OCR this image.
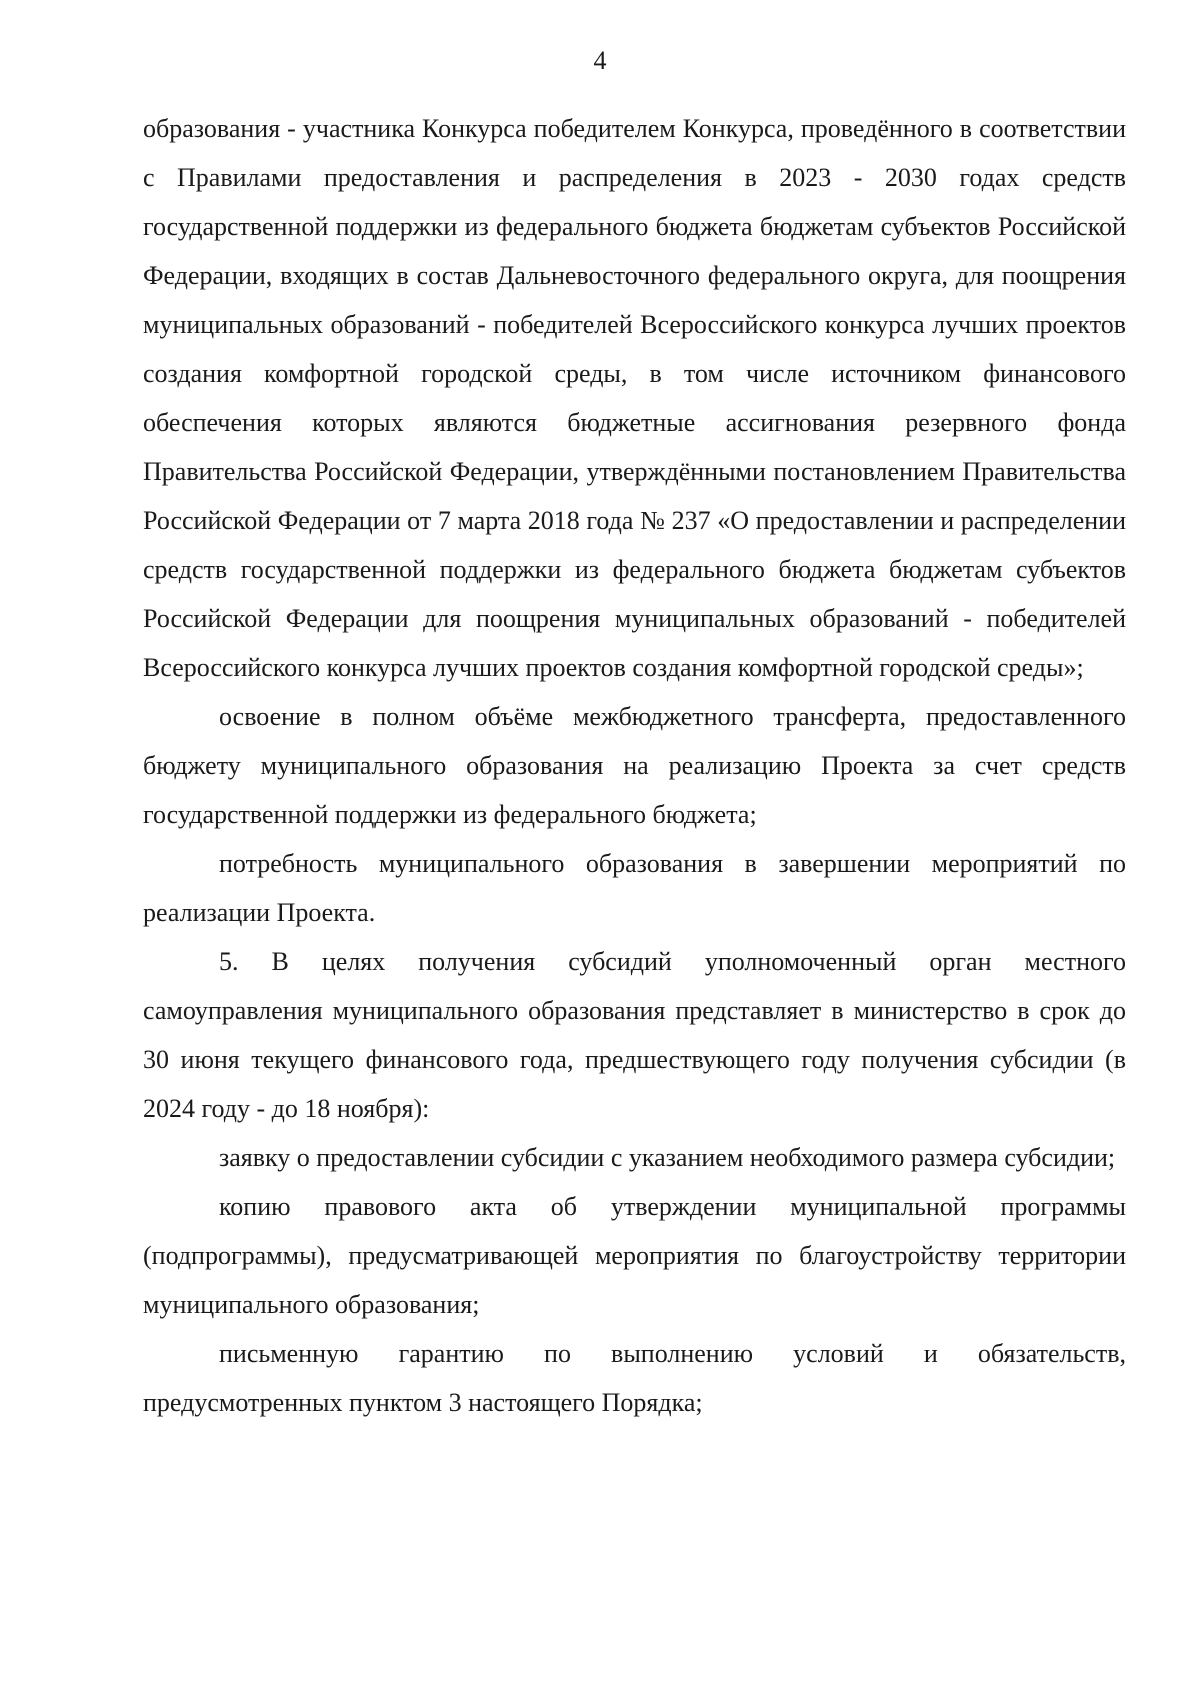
4

образования - участника Конкурса победителем Конкурса, проведённого в соответствии с Правилами предоставления и распределения в 2023 - 2030 годах средств государственной поддержки из федерального бюджета бюджетам субъектов Российской Федерации, входящих в состав Дальневосточного федерального округа, для поощрения муниципальных образований - победителей Всероссийского конкурса лучших проектов создания комфортной городской среды, в том числе источником финансового обеспечения которых являются бюджетные ассигнования резервного фонда Правительства Российской Федерации, утверждёнными постановлением Правительства Российской Федерации от 7 марта 2018 года № 237 «О предоставлении и распределении средств государственной поддержки из федерального бюджета бюджетам субъектов Российской Федерации для поощрения муниципальных образований - победителей Всероссийского конкурса лучших проектов создания комфортной городской среды»;

освоение в полном объёме межбюджетного трансферта, предоставленного бюджету муниципального образования на реализацию Проекта за счет средств государственной поддержки из федерального бюджета;

потребность муниципального образования в завершении мероприятий по реализации Проекта.

5. В целях получения субсидий уполномоченный орган местного самоуправления муниципального образования представляет в министерство в срок до 30 июня текущего финансового года, предшествующего году получения субсидии (в 2024 году - до 18 ноября):

заявку о предоставлении субсидии с указанием необходимого размера субсидии;

копию правового акта об утверждении муниципальной программы (подпрограммы), предусматривающей мероприятия по благоустройству территории муниципального образования;

письменную гарантию по выполнению условий и обязательств, предусмотренных пунктом 3 настоящего Порядка;
